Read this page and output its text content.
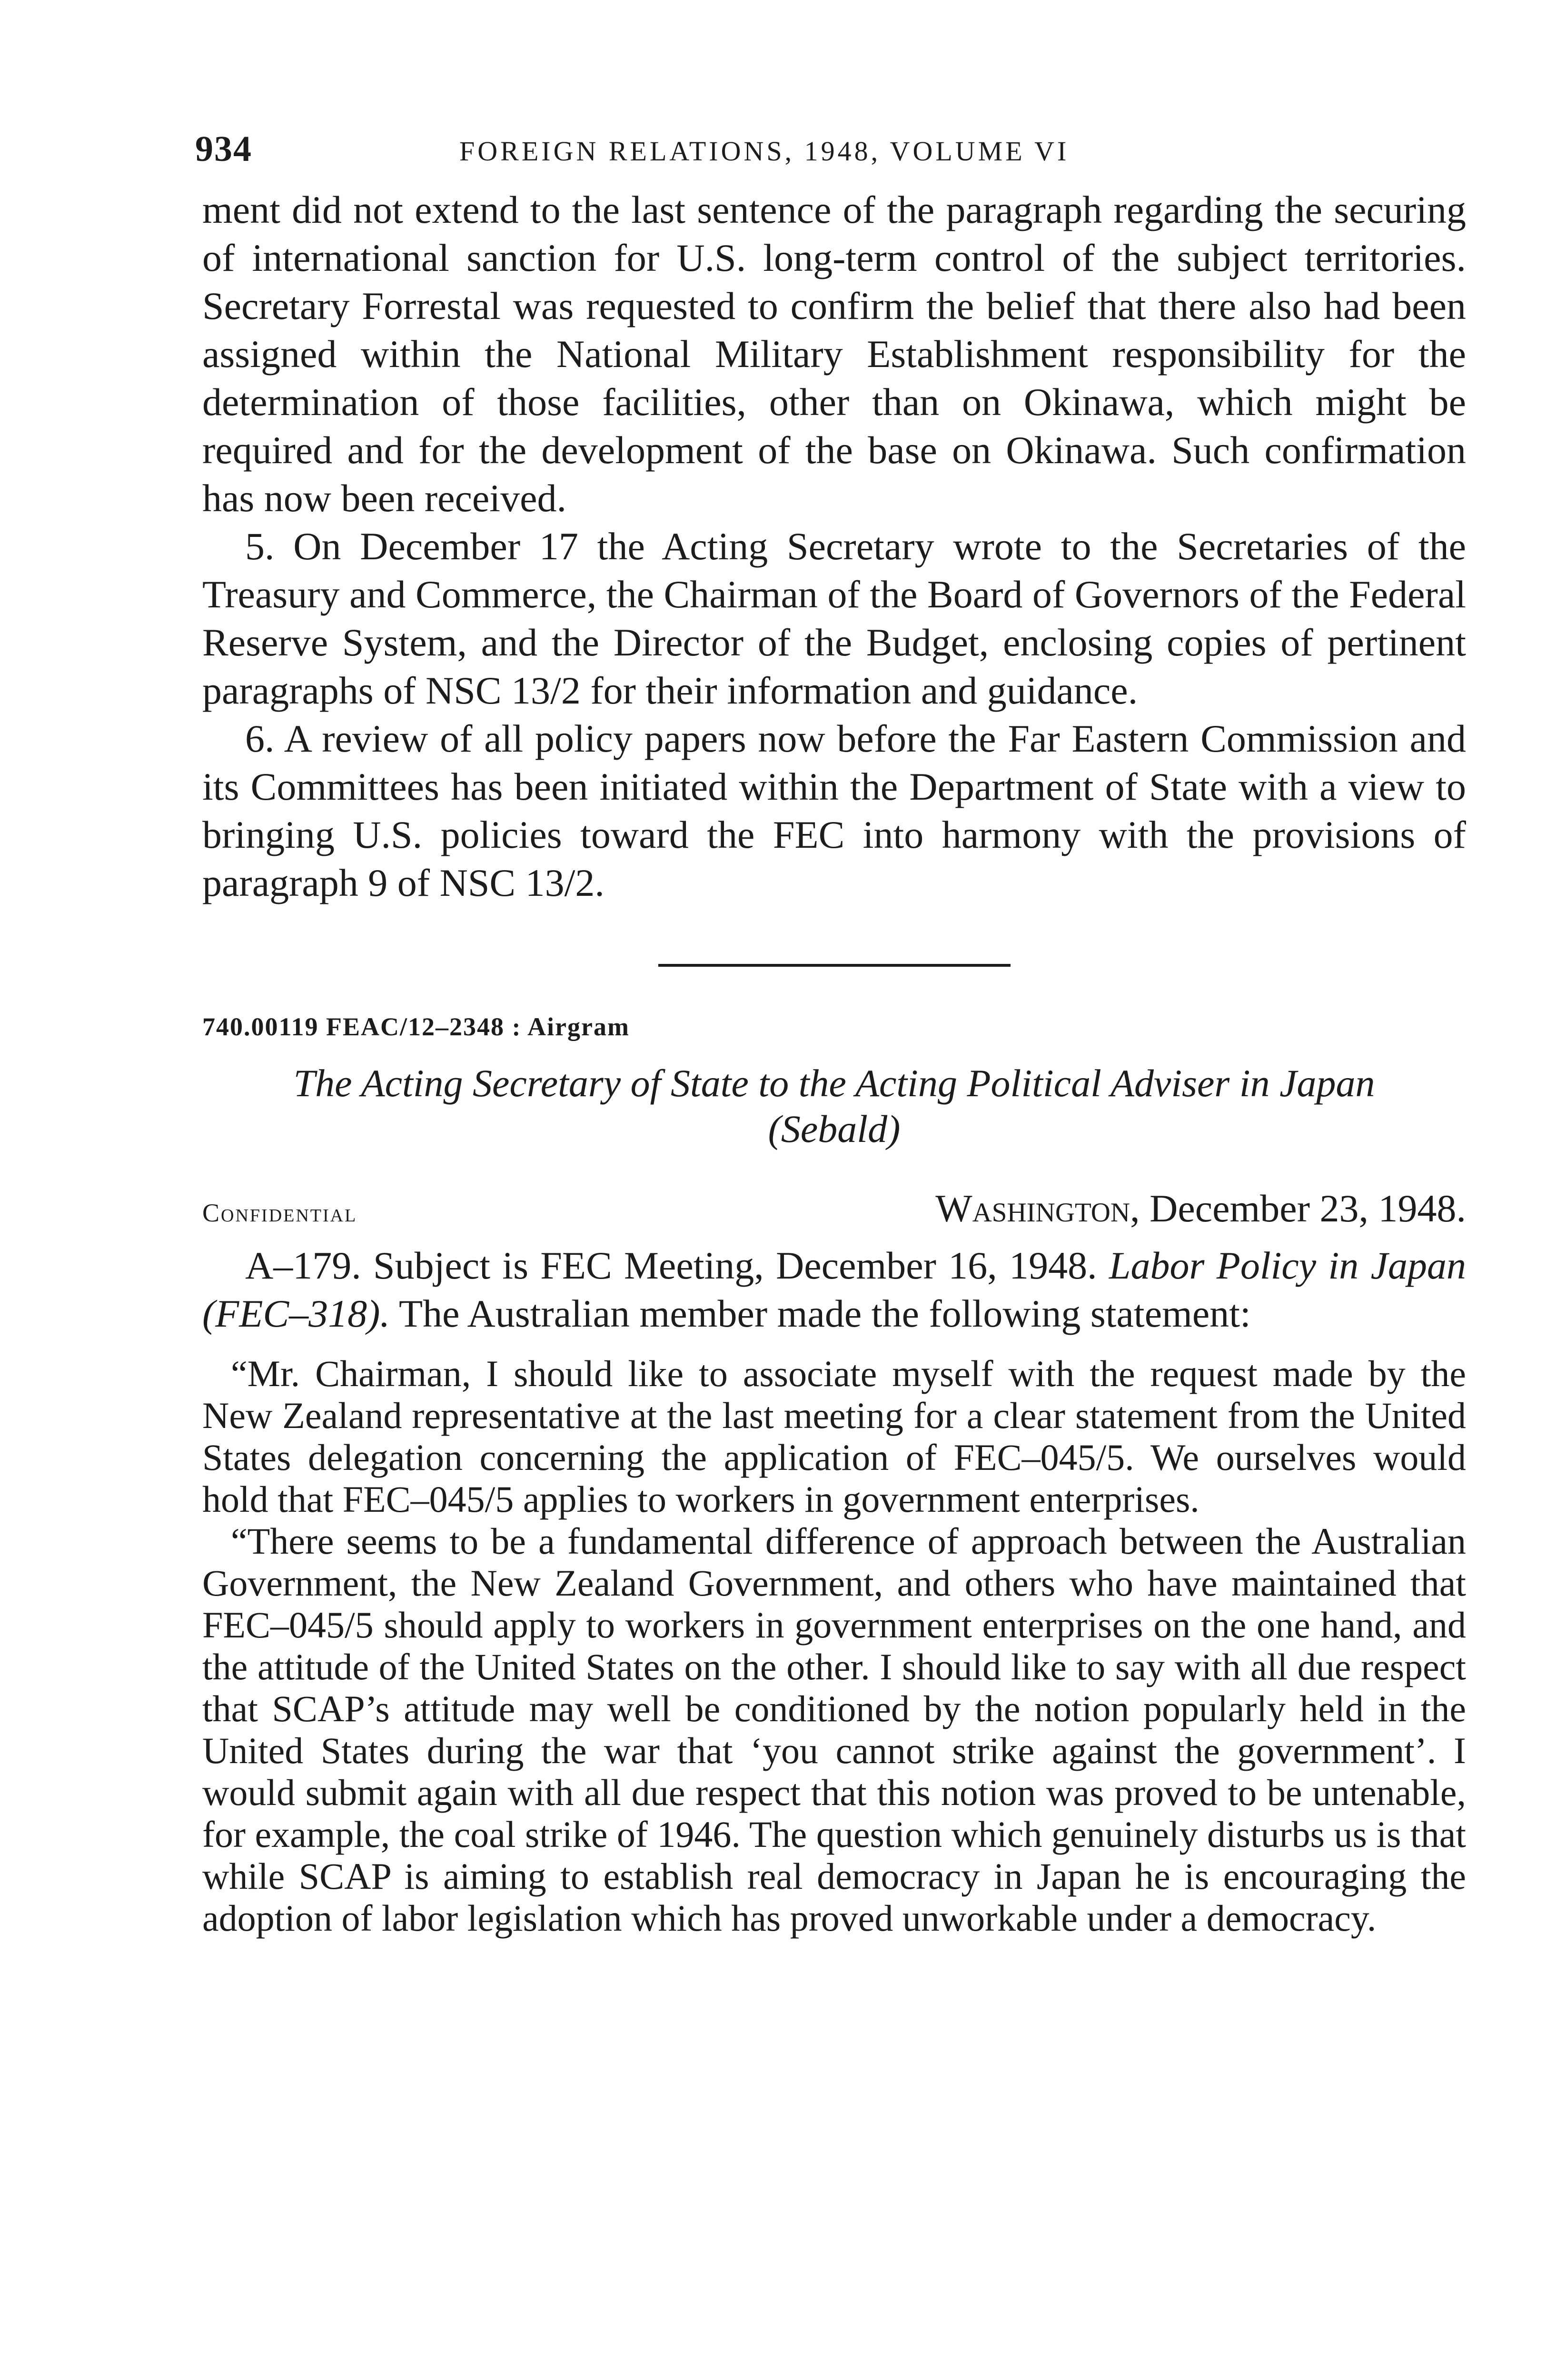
934	FOREIGN RELATIONS, 1948, VOLUME VI

ment did not extend to the last sentence of the paragraph regarding the securing of international sanction for U.S. long-term control of the subject territories. Secretary Forrestal was requested to confirm the belief that there also had been assigned within the National Military Establishment responsibility for the determination of those facilities, other than on Okinawa, which might be required and for the development of the base on Okinawa. Such confirmation has now been received.

5. On December 17 the Acting Secretary wrote to the Secretaries of the Treasury and Commerce, the Chairman of the Board of Governors of the Federal Reserve System, and the Director of the Budget, enclosing copies of pertinent paragraphs of NSC 13/2 for their information and guidance.

6. A review of all policy papers now before the Far Eastern Commission and its Committees has been initiated within the Department of State with a view to bringing U.S. policies toward the FEC into harmony with the provisions of paragraph 9 of NSC 13/2.

740.00119 FEAC/12–2348 : Airgram

The Acting Secretary of State to the Acting Political Adviser in Japan
(Sebald)

Confidential	Washington, December 23, 1948.

A–179. Subject is FEC Meeting, December 16, 1948. Labor Policy in Japan (FEC–318). The Australian member made the following statement:

“Mr. Chairman, I should like to associate myself with the request made by the New Zealand representative at the last meeting for a clear statement from the United States delegation concerning the application of FEC–045/5. We ourselves would hold that FEC–045/5 applies to workers in government enterprises.

“There seems to be a fundamental difference of approach between the Australian Government, the New Zealand Government, and others who have maintained that FEC–045/5 should apply to workers in government enterprises on the one hand, and the attitude of the United States on the other. I should like to say with all due respect that SCAP’s attitude may well be conditioned by the notion popularly held in the United States during the war that ‘you cannot strike against the government’. I would submit again with all due respect that this notion was proved to be untenable, for example, the coal strike of 1946. The question which genuinely disturbs us is that while SCAP is aiming to establish real democracy in Japan he is encouraging the adoption of labor legislation which has proved unworkable under a democracy.
